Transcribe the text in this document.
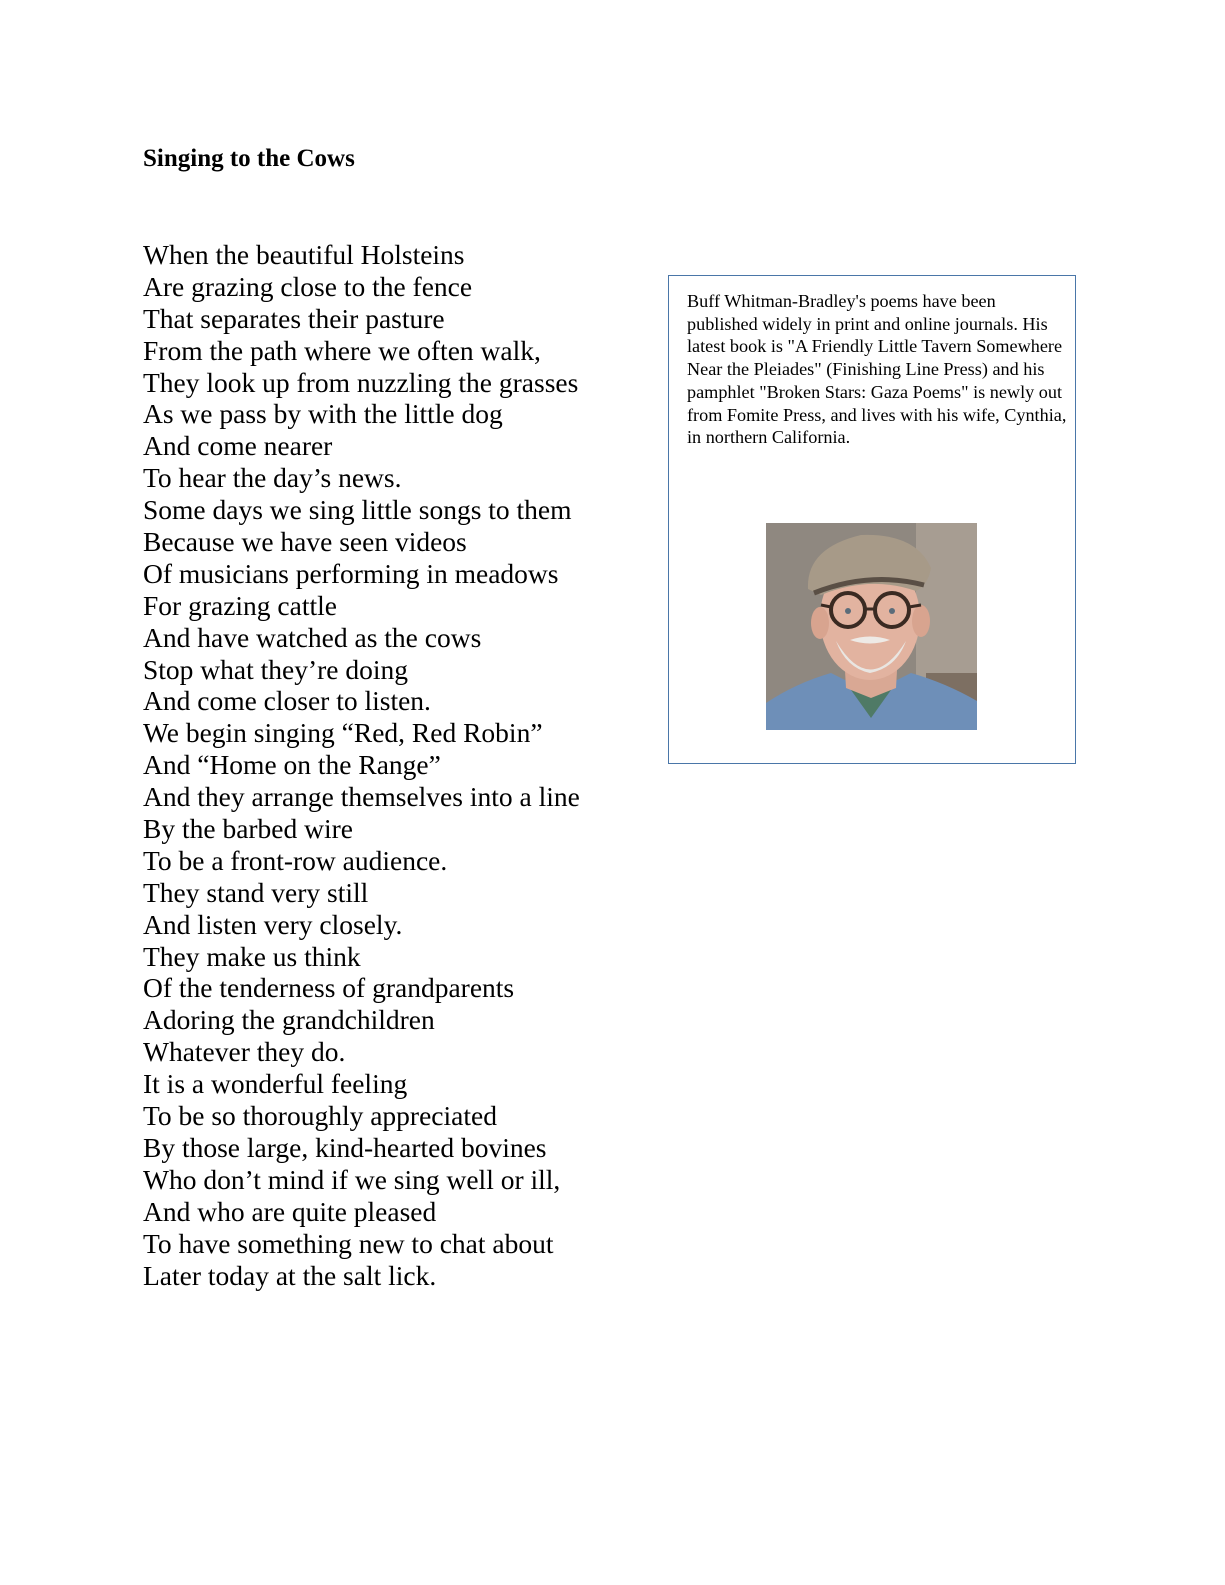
Singing to the Cows
When the beautiful Holsteins
Are grazing close to the fence
That separates their pasture
From the path where we often walk,
They look up from nuzzling the grasses
As we pass by with the little dog
And come nearer
To hear the day’s news.
Some days we sing little songs to them
Because we have seen videos
Of musicians performing in meadows
For grazing cattle
And have watched as the cows
Stop what they’re doing
And come closer to listen.
We begin singing “Red, Red Robin”
And “Home on the Range”
And they arrange themselves into a line
By the barbed wire
To be a front-row audience.
They stand very still
And listen very closely.
They make us think
Of the tenderness of grandparents
Adoring the grandchildren
Whatever they do.
It is a wonderful feeling
To be so thoroughly appreciated
By those large, kind-hearted bovines
Who don’t mind if we sing well or ill,
And who are quite pleased
To have something new to chat about
Later today at the salt lick.

Buff Whitman-Bradley's poems have been published widely in print and online journals. His latest book is "A Friendly Little Tavern Somewhere Near the Pleiades" (Finishing Line Press) and his pamphlet "Broken Stars: Gaza Poems" is newly out from Fomite Press, and lives with his wife, Cynthia, in northern California.
